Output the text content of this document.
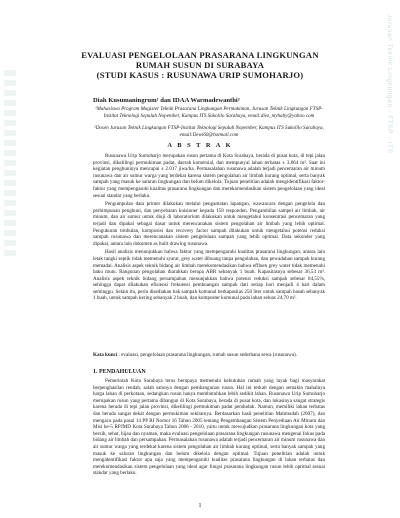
Jurusan Teknik Lingkungan - FTSP - ITS
EVALUASI PENGELOLAAN PRASARANA LINGKUNGAN
RUMAH SUSUN DI SURABAYA
(STUDI KASUS : RUSUNAWA URIP SUMOHARJO)
Diah Kusumaningrum¹ dan IDAA Warmadewanthi²
¹Mahasiswa Program Magister Teknik Prasarana Lingkungan Permukiman, Jurusan Teknik Lingkungan FTSP-Institut Teknologi Sepuluh Nopember, Kampus ITS Sukolilo Surabaya, email:diez_myhaby@yahoo.com
²Dosen Jurusan Teknik Lingkungan FTSP-Institut Teknologi Sepuluh Nopember, Kampus ITS Sukolilo Surabaya, email:Dewi60@hotmail.com
A B S T R A K

Rusunawa Urip Sumoharjo merupakan rusun pertama di Kota Surabaya, berada di pusat kota, di tepi jalan provinsi, dikelilingi permukiman padat, daerah komersial, dan mempunyai lahan terbatas ± 3.064 m². Saat ini kegiatan penghuninya mencapai ± 2.017 jiwa/ha. Permasalahan rusunawa adalah terjadi pencemaran air minum rusunawa dan air sumur warga yang terdekat karena sistem pengolahan air limbah kurang optimal, serta banyak sampah yang masuk ke saluran lingkungan dan belum dikelola. Tujuan penelitian adalah mengidentifikasi faktor-faktor yang mempengaruhi kualitas prasarana lingkungan dan merekomendasikan sistem pengelolaan yang ideal sesuai standar yang berlaku.

Pengumpulan data primer dilakukan melalui pengamatan lapangan, wawancara dengan pengelola dan perhimpunan penghuni, dan penyebaran kuisioner kepada 158 responden. Pengambilan sampel air limbah, air minum, dan air sumur untuk diuji di laboratorium dilakukan untuk mengetahui konsentrasi pencemaran yang terjadi dan dipakai sebagai dasar untuk merencanakan sistem pengolahan air limbah yang lebih optimal. Pengukuran timbulan, komposisi dan recovery factor sampah dilakukan untuk mengetahui potensi reduksi sampah rusunawa dan merencanakan sistem pengelolaan sampah yang lebih optimal. Data sekunder yang dipakai, antara lain dokumen as built drawing rusunawa.

Hasil analisis menunjukkan bahwa faktor yang mempengaruhi kualitas prasarana lingkungan, antara lain letak tangki septik tidak memenuhi syarat, grey water dibuang tanpa pengolahan, dan pewadahan sampah kurang memadai. Analisis aspek teknik bidang air limbah merekomendasikan bahwa effluen grey water tidak memenuhi baku mutu. Bangunan pengolahan diarahkan berupa ABR sebanyak 1 buah. Kapasitasnya sebesar 36,53 m³. Analisis aspek teknik bidang persampahan menunjukkan bahwa potensi reduksi sampah sebesar 84,55%, sehingga dapat dilakukan efisiensi frekuensi pembuangan sampah dari setiap hari menjadi 4 hari dalam seminggu. Selain itu, perlu disediakan bak sampah komunal berkapasitas 250 liter untuk sampah basah sebanyak 1 buah, untuk sampah kering sebanyak 2 buah, dan komposter komunal pada lahan seluas 24,70 m².

Kata kunci : evaluasi, pengelolaan prasarana lingkungan, rumah susun sederhana sewa (rusunawa).
1. PENDAHULUAN

Pemerintah Kota Surabaya terus berupaya memenuhi kebutuhan rumah yang layak bagi masyarakat berpenghasilan rendah, salah satunya dengan pembangunan rusun. Hal ini terkait dengan semakin mahalnya harga lahan di perkotaan, sedangkan rusun hanya membutuhkan lebih sedikit lahan. Rusunawa Urip Sumoharjo merupakan rusun yang pertama dibangun di Kota Surabaya, berada di pusat kota, dan lokasinya sangat strategis karena berada di tepi jalan provinsi, dikelilingi permukiman padat penduduk. Namun, memiliki lahan terbatas dan berada sangat dekat dengan permukiman sekitarnya. Berdasarkan hasil penelitian Mahmudah (2007), dan mengacu pada pasal 14 PP RI Nomor 16 Tahun 2005 tentang Pengembangan Sistem Penyediaan Air Minum dan Misi ke-5 RPJMD Kota Surabaya Tahun 2006 - 2010, yaitu untuk mewujudkan prasarana lingkungan kota yang bersih, sehat, hijau dan nyaman, maka evaluasi pengelolaan prasarana lingkungan rusunawa mengenai fokus pada bidang air limbah dan persampahan. Permasalahan rusunawa adalah terjadi pencemaran air minum rusunawa dan air sumur warga yang terdekat karena sistem pengolahan air limbah kurang optimal, serta banyak sampah yang masuk ke saluran lingkungan dan belum dikelola dengan optimal. Tujuan penelitian adalah untuk mengidentifikasi faktor apa saja yang mempengaruhi kualitas prasarana lingkungan di lahan terbatas dan merekomendasikan sistem pengelolaan yang ideal agar fungsi prasarana lingkungan rusun lebih optimal sesuai standar yang berlaku.

1
